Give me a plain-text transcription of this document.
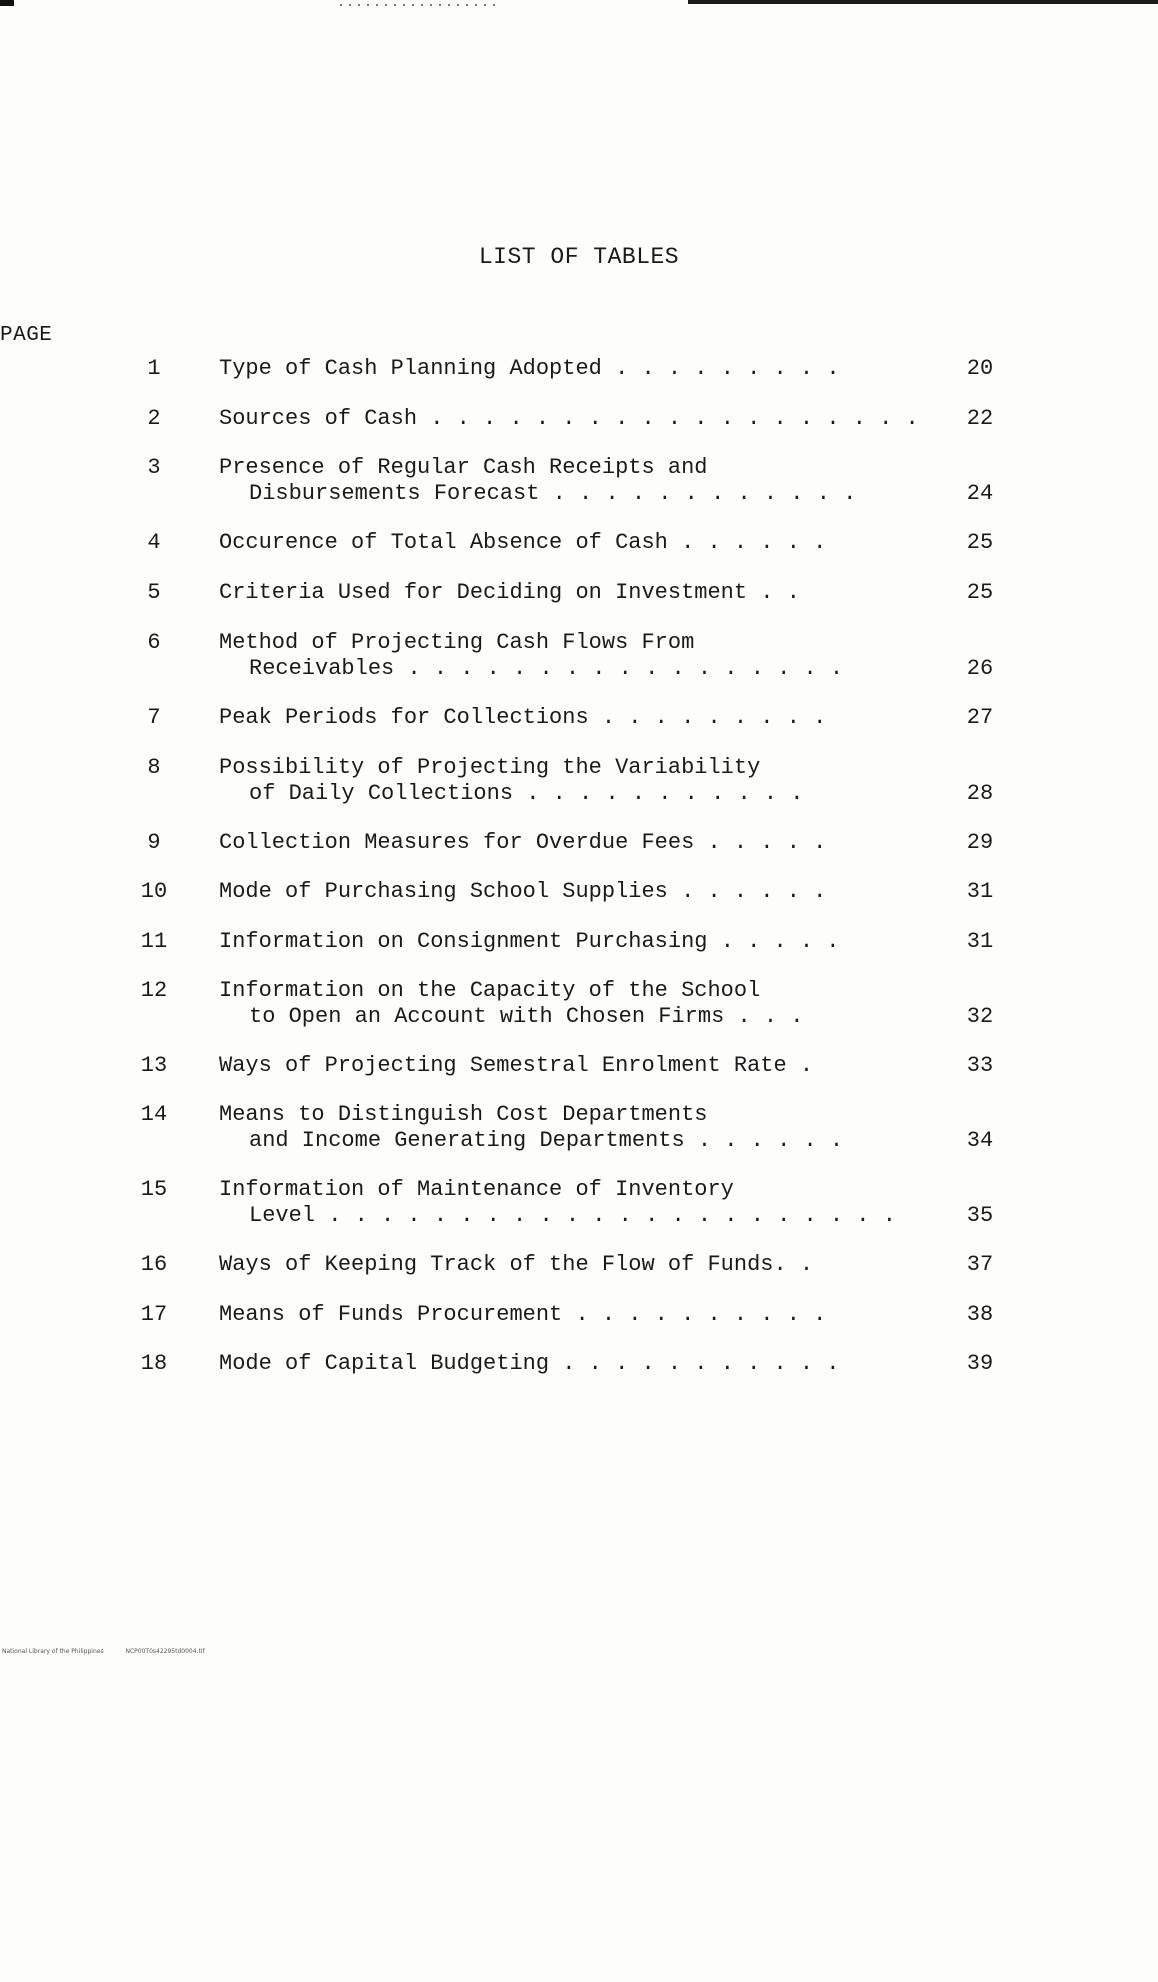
LIST OF TABLES
PAGE
1	Type of Cash Planning Adopted . . . . . . . . .	20
2	Sources of Cash . . . . . . . . . . . . . . . . . . .	22
3	Presence of Regular Cash Receipts and
Disbursements Forecast . . . . . . . . . . . .	24
4	Occurence of Total Absence of Cash . . . . . .	25
5	Criteria Used for Deciding on Investment . .	25
6	Method of Projecting Cash Flows From
Receivables . . . . . . . . . . . . . . . . .	26
7	Peak Periods for Collections . . . . . . . . .	27
8	Possibility of Projecting the Variability
of Daily Collections . . . . . . . . . . .	28
9	Collection Measures for Overdue Fees . . . . .	29
10	Mode of Purchasing School Supplies . . . . . .	31
11	Information on Consignment Purchasing . . . . .	31
12	Information on the Capacity of the School
to Open an Account with Chosen Firms . . .	32
13	Ways of Projecting Semestral Enrolment Rate .	33
14	Means to Distinguish Cost Departments
and Income Generating Departments . . . . . .	34
15	Information of Maintenance of Inventory
Level . . . . . . . . . . . . . . . . . . . . . .	35
16	Ways of Keeping Track of the Flow of Funds. .	37
17	Means of Funds Procurement . . . . . . . . . .	38
18	Mode of Capital Budgeting . . . . . . . . . . .	39
National Library of the Philippines	NCP00T0s42295td0004.tif
